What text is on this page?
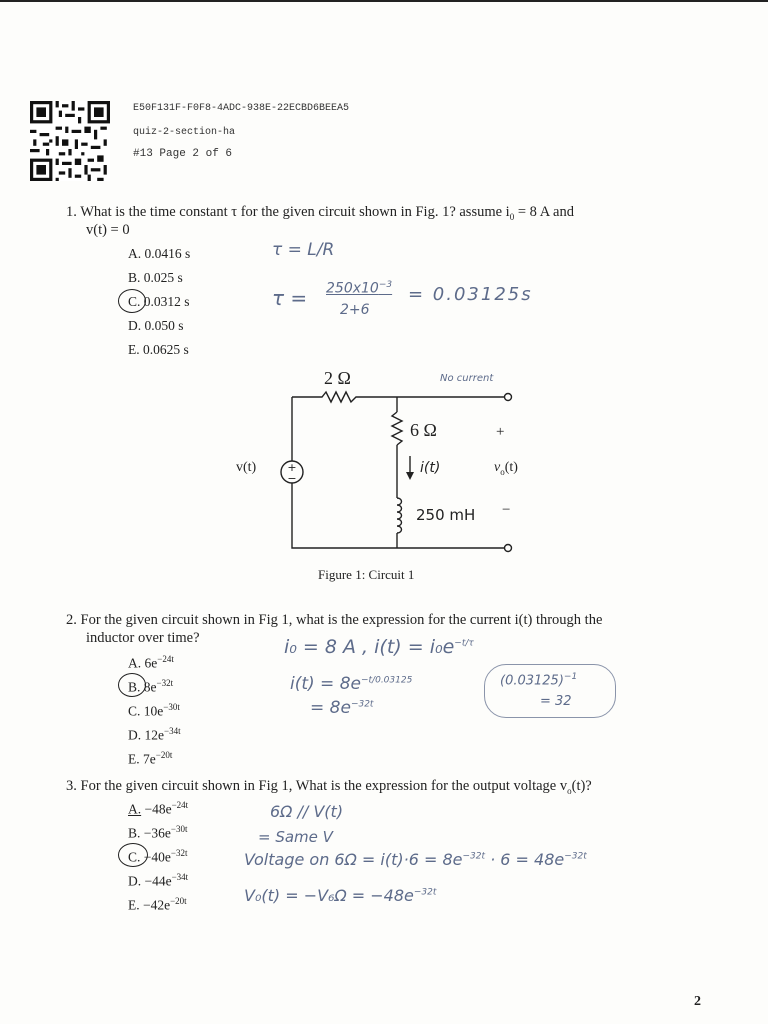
E50F131F-F0F8-4ADC-938E-22ECBD6BEEA5
quiz-2-section-ha
#13 Page 2 of 6
1. What is the time constant τ for the given circuit shown in Fig. 1? assume $i_0 = 8$ A and
v(t) = 0
A. 0.0416 s
B. 0.025 s
C. 0.0312 s
D. 0.050 s
E. 0.0625 s
τ = L/R
$\tau = 250x10^{-3}$
2+6
= 0.03125s
+
−
2 Ω	No current
6 Ω	+
v(t)	i(t)	$v_o(t)$
250 mH −
Figure 1: Circuit 1
2. For the given circuit shown in Fig 1, what is the expression for the current i(t) through the
inductor over time?
A. $6e^{-24t}$
B. $8e^{-32t}$
C. $10e^{-30t}$
D. $12e^{-34t}$
E. $7e^{-20t}$
i₀ = 8 A , $i(t) = i_0e^{-t/\tau}$
$i(t) = 8e^{-t/0.03125}$
= $8e^{-32t}$
$(0.03125)^{-1}$
= 32
3. For the given circuit shown in Fig 1, What is the expression for the output voltage $v_o(t)$?
A. $-48e^{-24t}$
B. $-36e^{-30t}$
C. $-40e^{-32t}$
D. $-44e^{-34t}$
E. $-42e^{-20t}$
6Ω // V(t)
= Same V
Voltage on $6\Omega = i(t)\cdot 6 = 8e^{-32t} \cdot 6 = 48e^{-32t}$
$V_0(t) = -V_6\Omega = -48e^{-32t}$
2
